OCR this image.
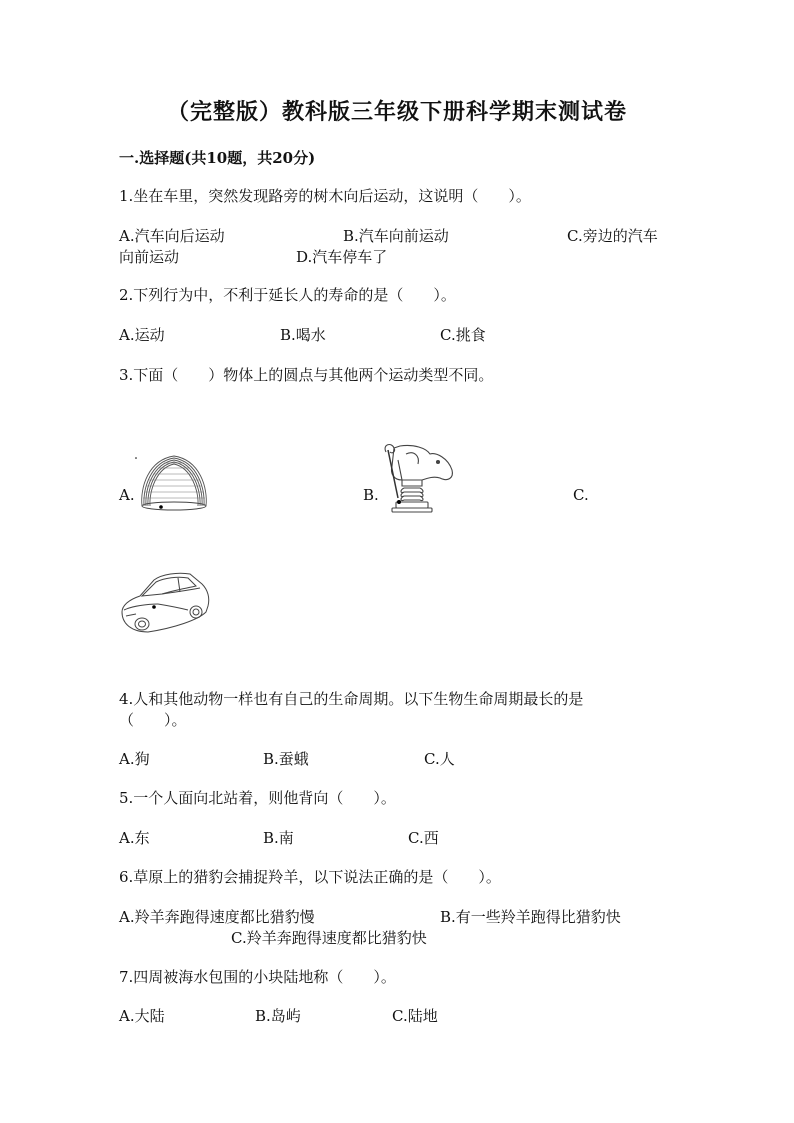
（完整版）教科版三年级下册科学期末测试卷
一.选择题(共10题，共20分)
1.坐在车里，突然发现路旁的树木向后运动，这说明（　　）。
A.汽车向后运动	B.汽车向前运动	C.旁边的汽车
向前运动	D.汽车停车了
2.下列行为中，不利于延长人的寿命的是（　　）。
A.运动	B.喝水	C.挑食
3.下面（　　）物体上的圆点与其他两个运动类型不同。
A.	B.	C.
4.人和其他动物一样也有自己的生命周期。以下生物生命周期最长的是
（　　）。
A.狗	B.蚕蛾	C.人
5.一个人面向北站着，则他背向（　　）。
A.东	B.南	C.西
6.草原上的猎豹会捕捉羚羊，以下说法正确的是（　　）。
A.羚羊奔跑得速度都比猎豹慢	B.有一些羚羊跑得比猎豹快
C.羚羊奔跑得速度都比猎豹快
7.四周被海水包围的小块陆地称（　　）。
A.大陆	B.岛屿	C.陆地
